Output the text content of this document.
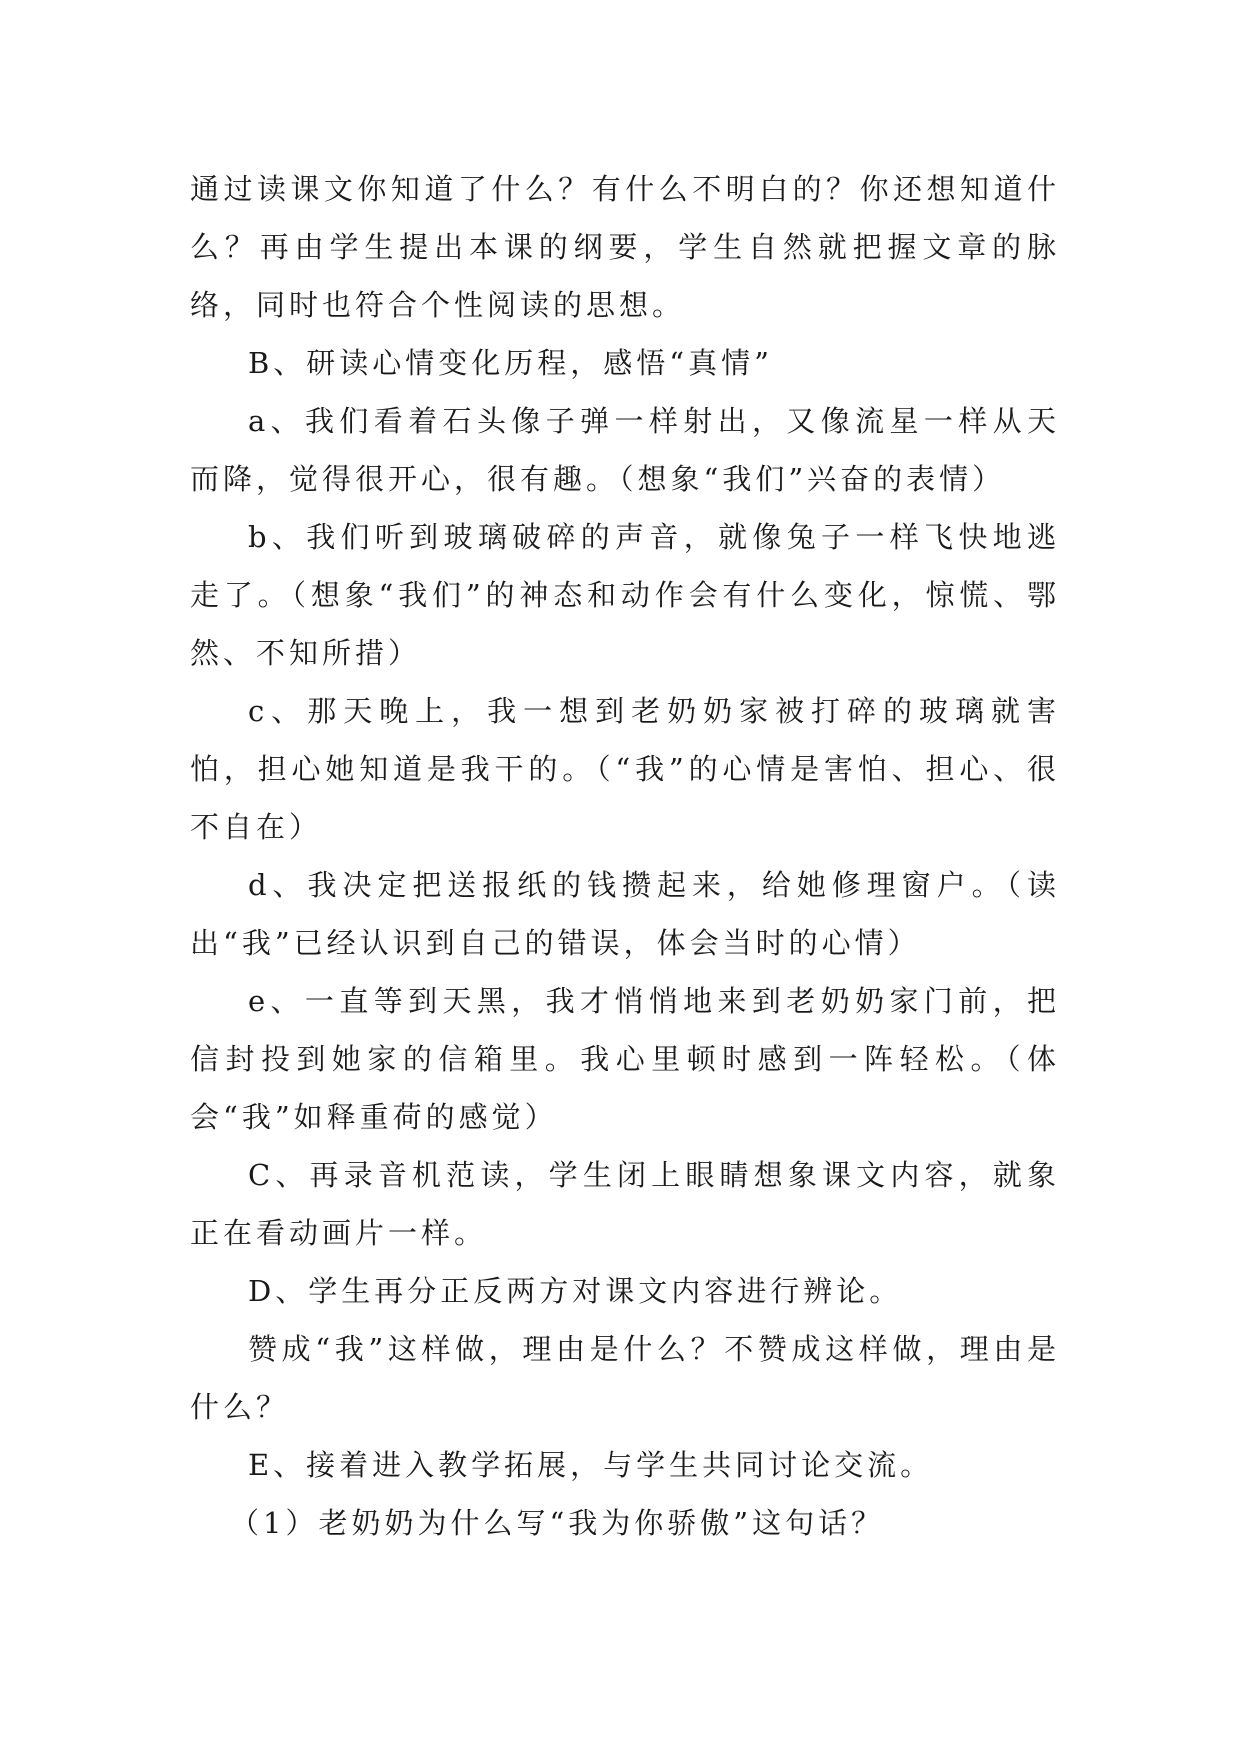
通过读课文你知道了什么？有什么不明白的？你还想知道什么？再由学生提出本课的纲要，学生自然就把握文章的脉络，同时也符合个性阅读的思想。

B、研读心情变化历程，感悟“真情”

a、我们看着石头像子弹一样射出，又像流星一样从天而降，觉得很开心，很有趣。（想象“我们”兴奋的表情）

b、我们听到玻璃破碎的声音，就像兔子一样飞快地逃走了。（想象“我们”的神态和动作会有什么变化，惊慌、鄂然、不知所措）

c、那天晚上，我一想到老奶奶家被打碎的玻璃就害怕，担心她知道是我干的。（“我”的心情是害怕、担心、很不自在）

d、我决定把送报纸的钱攒起来，给她修理窗户。（读出“我”已经认识到自己的错误，体会当时的心情）

e、一直等到天黑，我才悄悄地来到老奶奶家门前，把信封投到她家的信箱里。我心里顿时感到一阵轻松。（体会“我”如释重荷的感觉）

C、再录音机范读，学生闭上眼睛想象课文内容，就象正在看动画片一样。

D、学生再分正反两方对课文内容进行辨论。

赞成“我”这样做，理由是什么？不赞成这样做，理由是什么？

E、接着进入教学拓展，与学生共同讨论交流。

（1）老奶奶为什么写“我为你骄傲”这句话？
